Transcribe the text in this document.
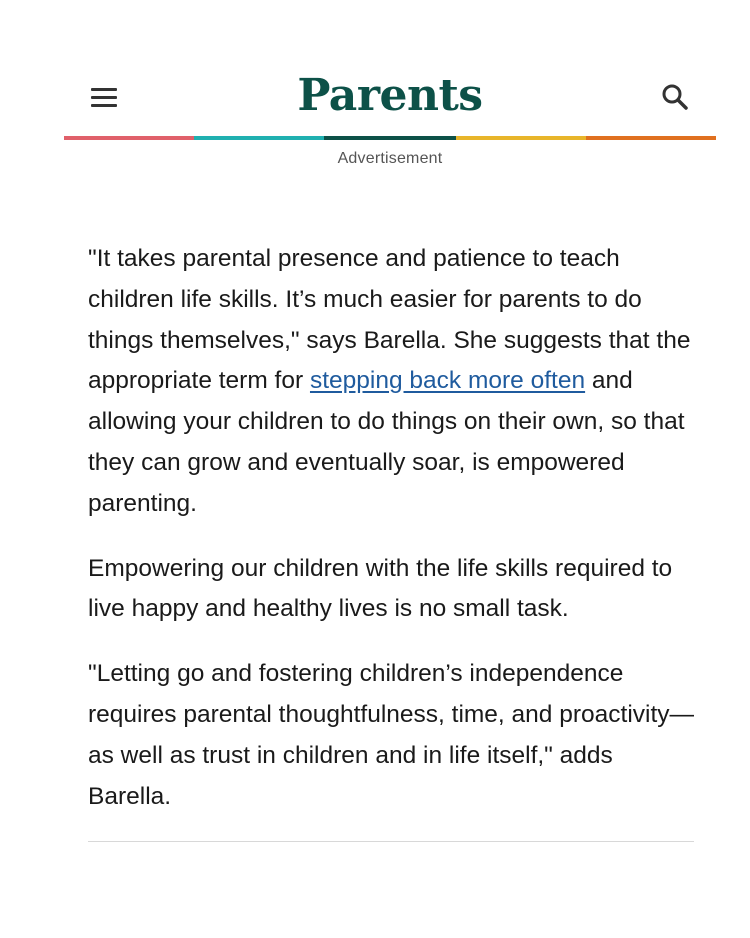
Parents
Advertisement

"It takes parental presence and patience to teach children life skills. It’s much easier for parents to do things themselves," says Barella. She suggests that the appropriate term for stepping back more often and allowing your children to do things on their own, so that they can grow and eventually soar, is empowered parenting.

Empowering our children with the life skills required to live happy and healthy lives is no small task.

"Letting go and fostering children’s independence requires parental thoughtfulness, time, and proactivity—as well as trust in children and in life itself," adds Barella.
